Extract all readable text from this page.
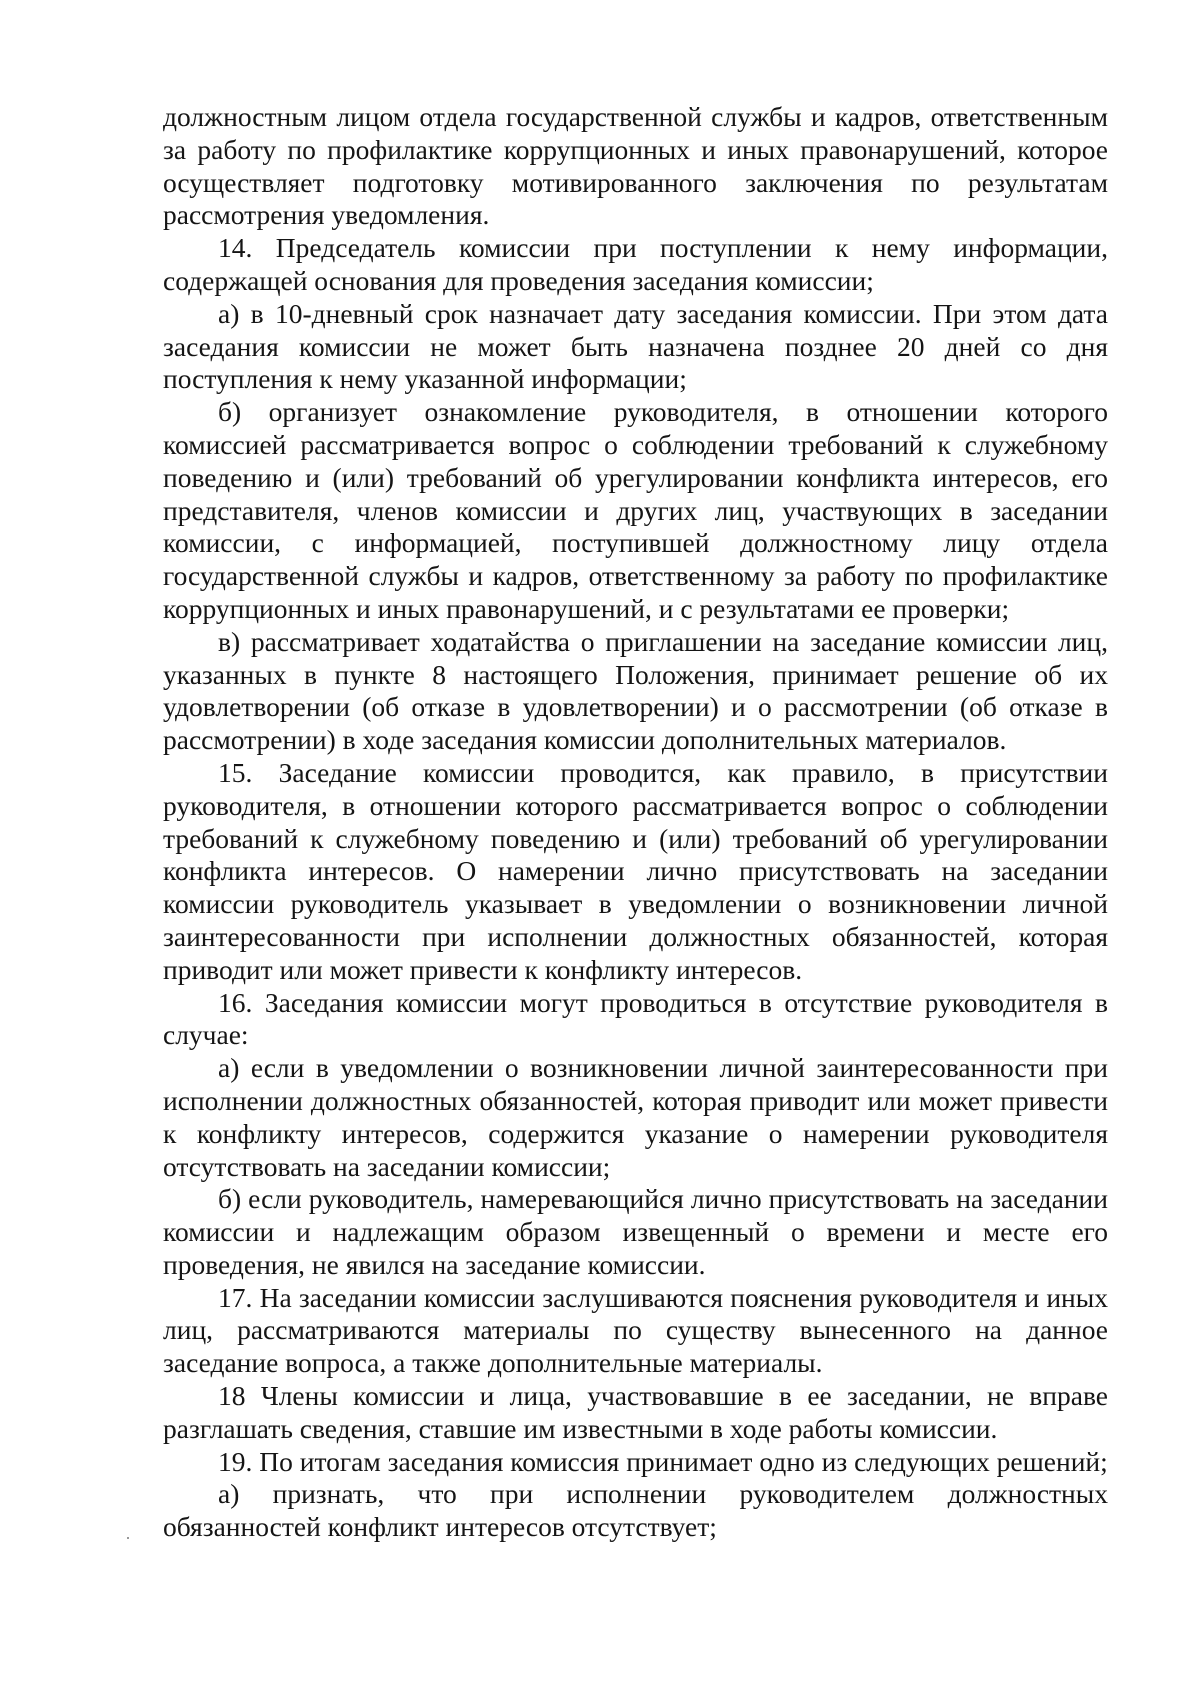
должностным лицом отдела государственной службы и кадров, ответственным за работу по профилактике коррупционных и иных правонарушений, которое осуществляет подготовку мотивированного заключения по результатам рассмотрения уведомления.

14. Председатель комиссии при поступлении к нему информации, содержащей основания для проведения заседания комиссии;

а) в 10-дневный срок назначает дату заседания комиссии. При этом дата заседания комиссии не может быть назначена позднее 20 дней со дня поступления к нему указанной информации;

б) организует ознакомление руководителя, в отношении которого комиссией рассматривается вопрос о соблюдении требований к служебному поведению и (или) требований об урегулировании конфликта интересов, его представителя, членов комиссии и других лиц, участвующих в заседании комиссии, с информацией, поступившей должностному лицу отдела государственной службы и кадров, ответственному за работу по профилактике коррупционных и иных правонарушений, и с результатами ее проверки;

в) рассматривает ходатайства о приглашении на заседание комиссии лиц, указанных в пункте 8 настоящего Положения, принимает решение об их удовлетворении (об отказе в удовлетворении) и о рассмотрении (об отказе в рассмотрении) в ходе заседания комиссии дополнительных материалов.

15. Заседание комиссии проводится, как правило, в присутствии руководителя, в отношении которого рассматривается вопрос о соблюдении требований к служебному поведению и (или) требований об урегулировании конфликта интересов. О намерении лично присутствовать на заседании комиссии руководитель указывает в уведомлении о возникновении личной заинтересованности при исполнении должностных обязанностей, которая приводит или может привести к конфликту интересов.

16. Заседания комиссии могут проводиться в отсутствие руководителя в случае:

а) если в уведомлении о возникновении личной заинтересованности при исполнении должностных обязанностей, которая приводит или может привести к конфликту интересов, содержится указание о намерении руководителя отсутствовать на заседании комиссии;

б) если руководитель, намеревающийся лично присутствовать на заседании комиссии и надлежащим образом извещенный о времени и месте его проведения, не явился на заседание комиссии.

17. На заседании комиссии заслушиваются пояснения руководителя и иных лиц, рассматриваются материалы по существу вынесенного на данное заседание вопроса, а также дополнительные материалы.

18 Члены комиссии и лица, участвовавшие в ее заседании, не вправе разглашать сведения, ставшие им известными в ходе работы комиссии.

19. По итогам заседания комиссия принимает одно из следующих решений;

а) признать, что при исполнении руководителем должностных обязанностей конфликт интересов отсутствует;
